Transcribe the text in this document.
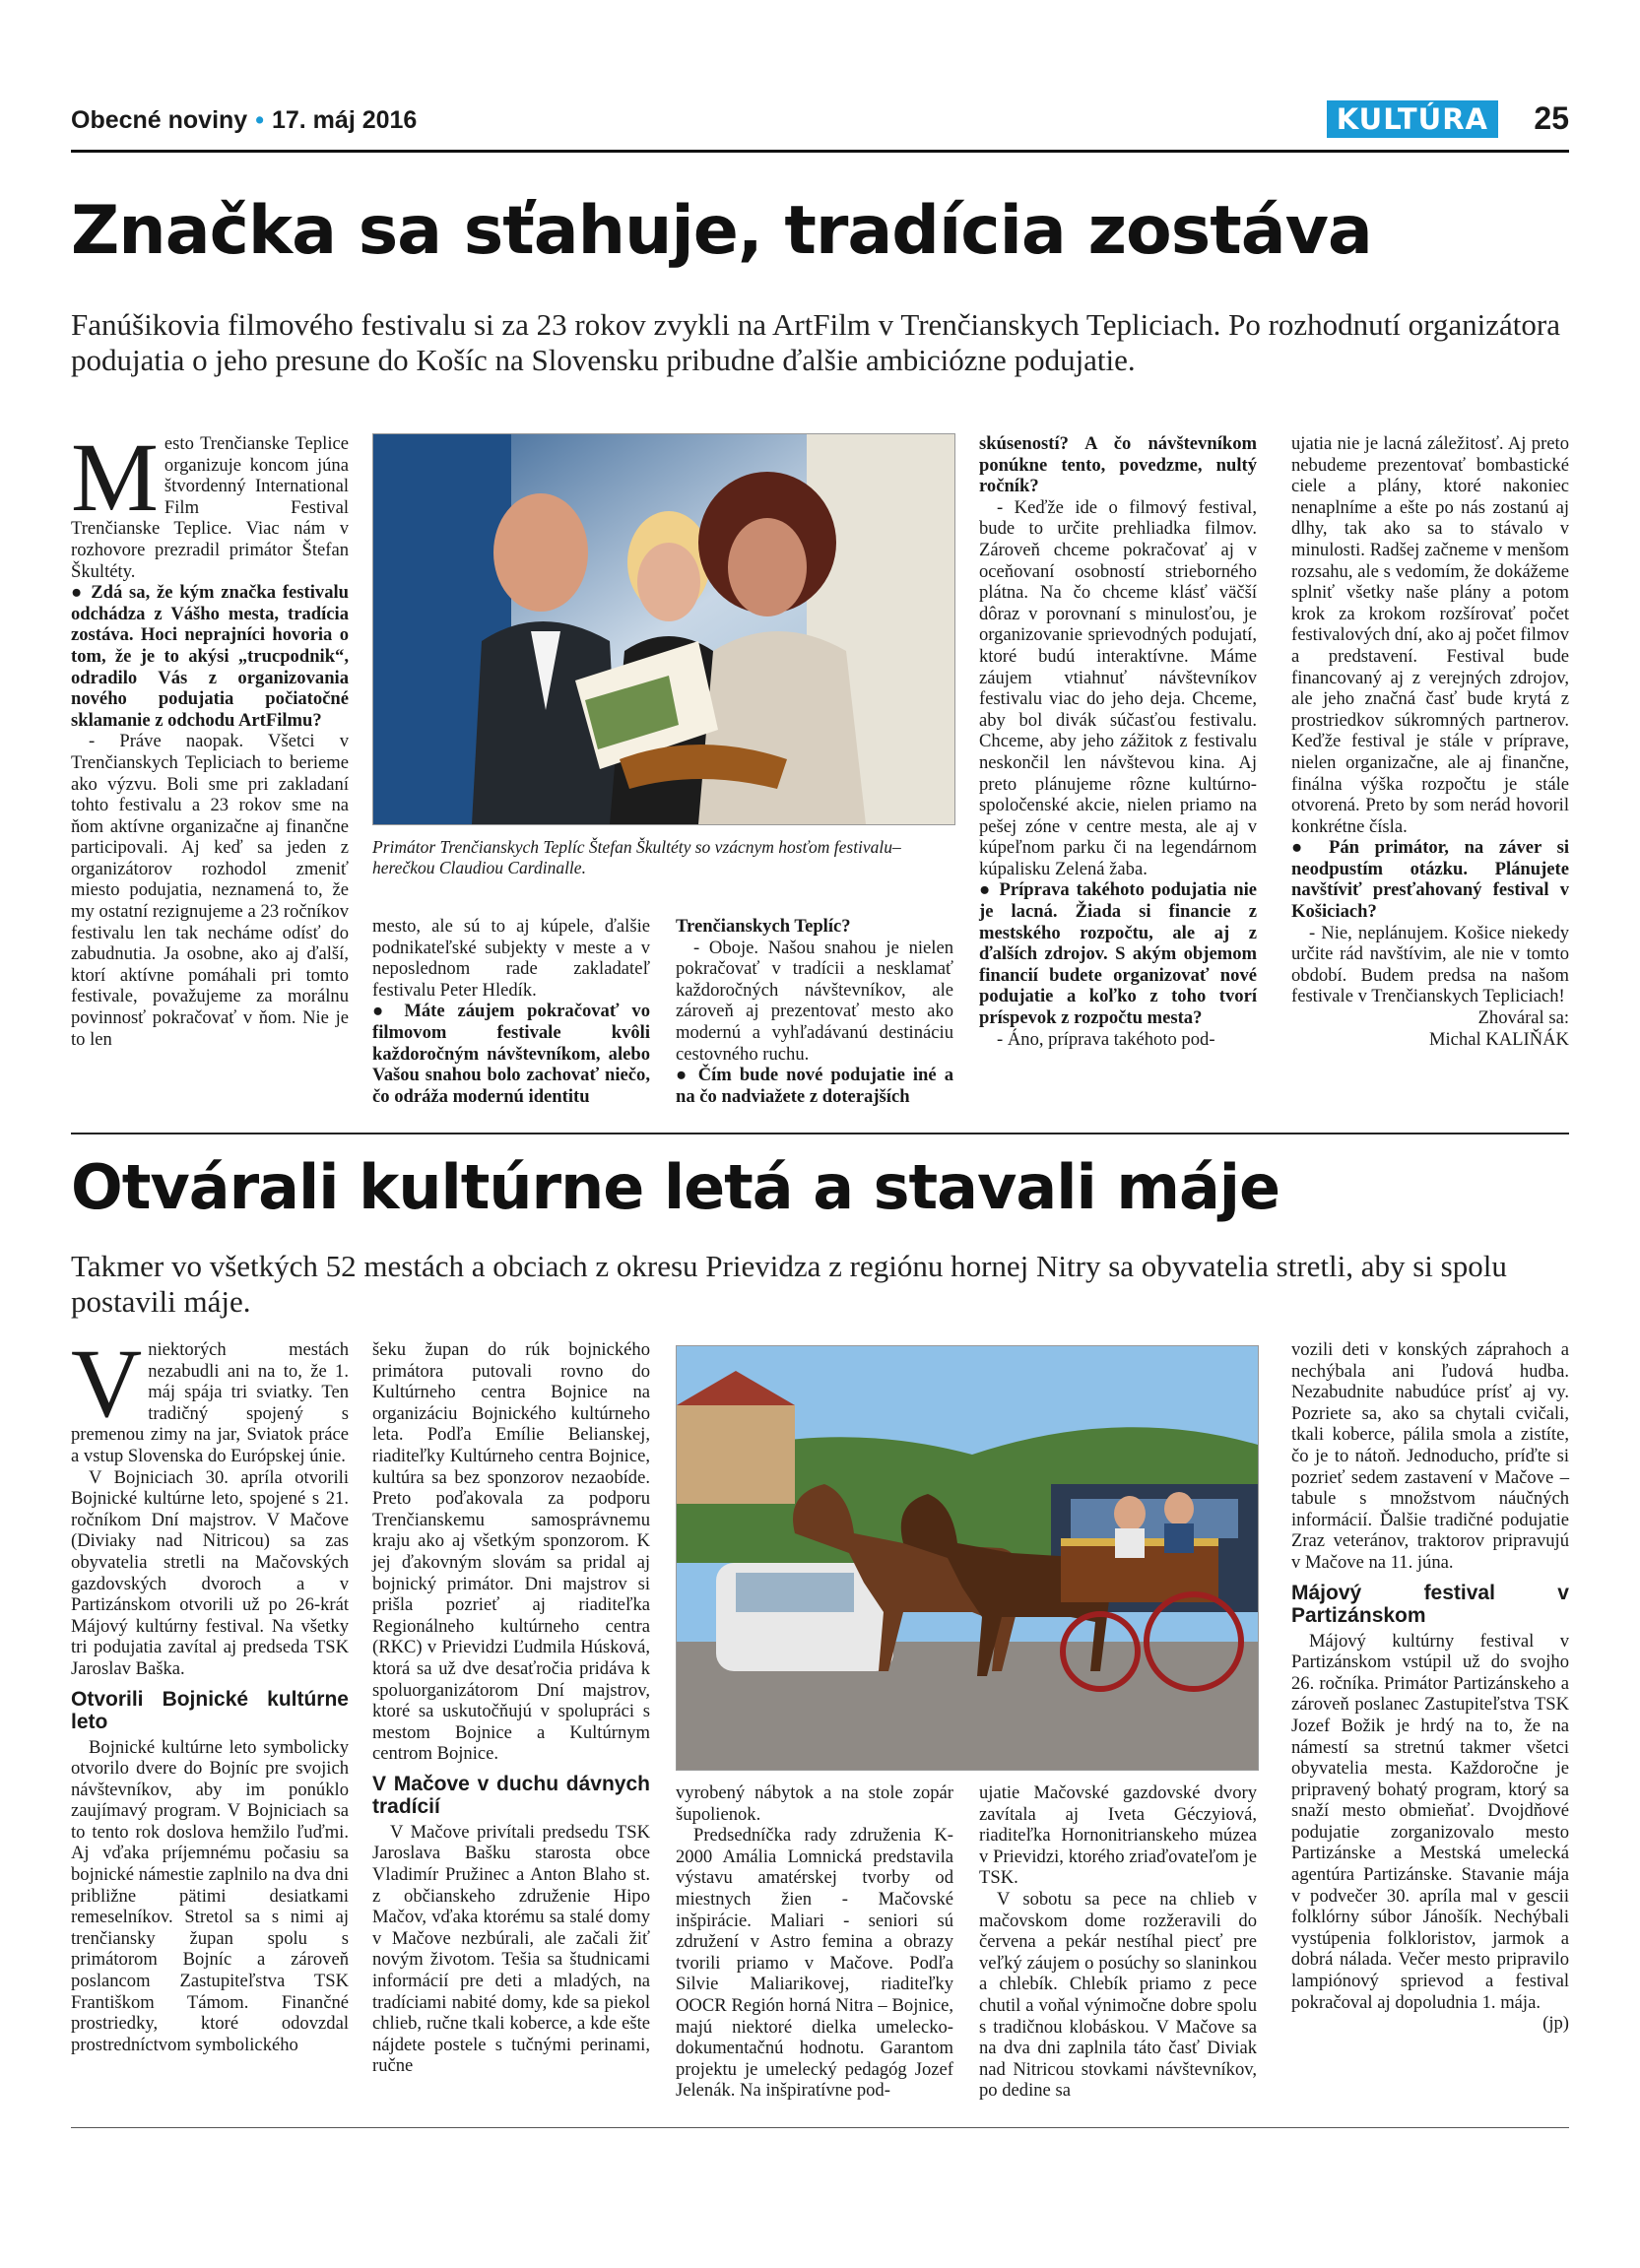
Obecné noviny • 17. máj 2016	KULTÚRA	25
Značka sa sťahuje, tradícia zostáva

Fanúšikovia filmového festivalu si za 23 rokov zvykli na ArtFilm v Trenčianskych Tepliciach. Po rozhodnutí organizátora podujatia o jeho presune do Košíc na Slovensku pribudne ďalšie ambiciózne podujatie.

Mesto Trenčianske Teplice organizuje koncom júna štvordenný International Film Festival Trenčianske Teplice. Viac nám v rozhovore prezradil primátor Štefan Škultéty.

● Zdá sa, že kým značka festivalu odchádza z Vášho mesta, tradícia zostáva. Hoci neprajníci hovoria o tom, že je to akýsi „trucpodnik“, odradilo Vás z organizovania nového podujatia počiatočné sklamanie z odchodu ArtFilmu?

- Práve naopak. Všetci v Trenčianskych Tepliciach to berieme ako výzvu. Boli sme pri zakladaní tohto festivalu a 23 rokov sme na ňom aktívne organizačne aj finančne participovali. Aj keď sa jeden z organizátorov rozhodol zmeniť miesto podujatia, neznamená to, že my ostatní rezignujeme a 23 ročníkov festivalu len tak necháme odísť do zabudnutia. Ja osobne, ako aj ďalší, ktorí aktívne pomáhali pri tomto festivale, považujeme za morálnu povinnosť pokračovať v ňom. Nie je to len

Primátor Trenčianskych Teplíc Štefan Škultéty so vzácnym hosťom festivalu– herečkou Claudiou Cardinalle.

mesto, ale sú to aj kúpele, ďalšie podnikateľské subjekty v meste a v neposlednom rade zakladateľ festivalu Peter Hledík.

● Máte záujem pokračovať vo filmovom festivale kvôli každoročným návštevníkom, alebo Vašou snahou bolo zachovať niečo, čo odráža modernú identitu

Trenčianskych Teplíc?

- Oboje. Našou snahou je nielen pokračovať v tradícii a nesklamať každoročných návštevníkov, ale zároveň aj prezentovať mesto ako modernú a vyhľadávanú destináciu cestovného ruchu.

● Čím bude nové podujatie iné a na čo nadviažete z doterajších

skúseností? A čo návštevníkom ponúkne tento, povedzme, nultý ročník?

- Keďže ide o filmový festival, bude to určite prehliadka filmov. Zároveň chceme pokračovať aj v oceňovaní osobností strieborného plátna. Na čo chceme klásť väčší dôraz v porovnaní s minulosťou, je organizovanie sprievodných podujatí, ktoré budú interaktívne. Máme záujem vtiahnuť návštevníkov festivalu viac do jeho deja. Chceme, aby bol divák súčasťou festivalu. Chceme, aby jeho zážitok z festivalu neskončil len návštevou kina. Aj preto plánujeme rôzne kultúrno-spoločenské akcie, nielen priamo na pešej zóne v centre mesta, ale aj v kúpeľnom parku či na legendárnom kúpalisku Zelená žaba.

● Príprava takéhoto podujatia nie je lacná. Žiada si financie z mestského rozpočtu, ale aj z ďalších zdrojov. S akým objemom financií budete organizovať nové podujatie a koľko z toho tvorí príspevok z rozpočtu mesta?

- Áno, príprava takéhoto pod-

ujatia nie je lacná záležitosť. Aj preto nebudeme prezentovať bombastické ciele a plány, ktoré nakoniec nenaplníme a ešte po nás zostanú aj dlhy, tak ako sa to stávalo v minulosti. Radšej začneme v menšom rozsahu, ale s vedomím, že dokážeme splniť všetky naše plány a potom krok za krokom rozšírovať počet festivalových dní, ako aj počet filmov a predstavení. Festival bude financovaný aj z verejných zdrojov, ale jeho značná časť bude krytá z prostriedkov súkromných partnerov. Keďže festival je stále v príprave, nielen organizačne, ale aj finančne, finálna výška rozpočtu je stále otvorená. Preto by som nerád hovoril konkrétne čísla.

● Pán primátor, na záver si neodpustím otázku. Plánujete navštíviť presťahovaný festival v Košiciach?

- Nie, neplánujem. Košice niekedy určite rád navštívim, ale nie v tomto období. Budem predsa na našom festivale v Trenčianskych Tepliciach!

Zhováral sa:

Michal KALIŇÁK

Otvárali kultúrne letá a stavali máje

Takmer vo všetkých 52 mestách a obciach z okresu Prievidza z regiónu hornej Nitry sa obyvatelia stretli, aby si spolu postavili máje.

Vniektorých mestách nezabudli ani na to, že 1. máj spája tri sviatky. Ten tradičný spojený s premenou zimy na jar, Sviatok práce a vstup Slovenska do Európskej únie.

V Bojniciach 30. apríla otvorili Bojnické kultúrne leto, spojené s 21. ročníkom Dní majstrov. V Mačove (Diviaky nad Nitricou) sa zas obyvatelia stretli na Mačovských gazdovských dvoroch a v Partizánskom otvorili už po 26-krát Májový kultúrny festival. Na všetky tri podujatia zavítal aj predseda TSK Jaroslav Baška.

Otvorili Bojnické kultúrne leto

Bojnické kultúrne leto symbolicky otvorilo dvere do Bojníc pre svojich návštevníkov, aby im ponúklo zaujímavý program. V Bojniciach sa to tento rok doslova hemžilo ľuďmi. Aj vďaka príjemnému počasiu sa bojnické námestie zaplnilo na dva dni približne pätimi desiatkami remeselníkov. Stretol sa s nimi aj trenčiansky župan spolu s primátorom Bojníc a zároveň poslancom Zastupiteľstva TSK Františkom Támom. Finančné prostriedky, ktoré odovzdal prostredníctvom symbolického

šeku župan do rúk bojnického primátora putovali rovno do Kultúrneho centra Bojnice na organizáciu Bojnického kultúrneho leta. Podľa Emílie Belianskej, riaditeľky Kultúrneho centra Bojnice, kultúra sa bez sponzorov nezaobíde. Preto poďakovala za podporu Trenčianskemu samosprávnemu kraju ako aj všetkým sponzorom. K jej ďakovným slovám sa pridal aj bojnický primátor. Dni majstrov si prišla pozrieť aj riaditeľka Regionálneho kultúrneho centra (RKC) v Prievidzi Ľudmila Húsková, ktorá sa už dve desaťročia pridáva k spoluorganizátorom Dní majstrov, ktoré sa uskutočňujú v spolupráci s mestom Bojnice a Kultúrnym centrom Bojnice.

V Mačove v duchu dávnych tradícií

V Mačove privítali predsedu TSK Jaroslava Bašku starosta obce Vladimír Pružinec a Anton Blaho st. z občianskeho združenie Hipo Mačov, vďaka ktorému sa stalé domy v Mačove nezbúrali, ale začali žiť novým životom. Tešia sa študnicami informácií pre deti a mladých, na tradíciami nabité domy, kde sa piekol chlieb, ručne tkali koberce, a kde ešte nájdete postele s tučnými perinami, ručne

vyrobený nábytok a na stole zopár šupolienok.

Predsedníčka rady združenia K-2000 Amália Lomnická predstavila výstavu amatérskej tvorby od miestnych žien - Mačovské inšpirácie. Maliari - seniori sú združení v Astro femina a obrazy tvorili priamo v Mačove. Podľa Silvie Maliarikovej, riaditeľky OOCR Región horná Nitra – Bojnice, majú niektoré dielka umelecko-dokumentačnú hodnotu. Garantom projektu je umelecký pedagóg Jozef Jelenák. Na inšpiratívne pod-

ujatie Mačovské gazdovské dvory zavítala aj Iveta Géczyiová, riaditeľka Hornonitrianskeho múzea v Prievidzi, ktorého zriaďovateľom je TSK.

V sobotu sa pece na chlieb v mačovskom dome rozžeravili do červena a pekár nestíhal piecť pre veľký záujem o posúchy so slaninkou a chlebík. Chlebík priamo z pece chutil a voňal výnimočne dobre spolu s tradičnou klobáskou. V Mačove sa na dva dni zaplnila táto časť Diviak nad Nitricou stovkami návštevníkov, po dedine sa

vozili deti v konských záprahoch a nechýbala ani ľudová hudba. Nezabudnite nabudúce prísť aj vy. Pozriete sa, ako sa chytali cvičali, tkali koberce, pálila smola a zistíte, čo je to nátoň. Jednoducho, príďte si pozrieť sedem zastavení v Mačove – tabule s množstvom náučných informácií. Ďalšie tradičné podujatie Zraz veteránov, traktorov pripravujú v Mačove na 11. júna.

Májový festival v Partizánskom

Májový kultúrny festival v Partizánskom vstúpil už do svojho 26. ročníka. Primátor Partizánskeho a zároveň poslanec Zastupiteľstva TSK Jozef Božik je hrdý na to, že na námestí sa stretnú takmer všetci obyvatelia mesta. Každoročne je pripravený bohatý program, ktorý sa snaží mesto obmieňať. Dvojdňové podujatie zorganizovalo mesto Partizánske a Mestská umelecká agentúra Partizánske. Stavanie mája v podvečer 30. apríla mal v gescii folklórny súbor Jánošík. Nechýbali vystúpenia folkloristov, jarmok a dobrá nálada. Večer mesto pripravilo lampiónový sprievod a festival pokračoval aj dopoludnia 1. mája.

(jp)
